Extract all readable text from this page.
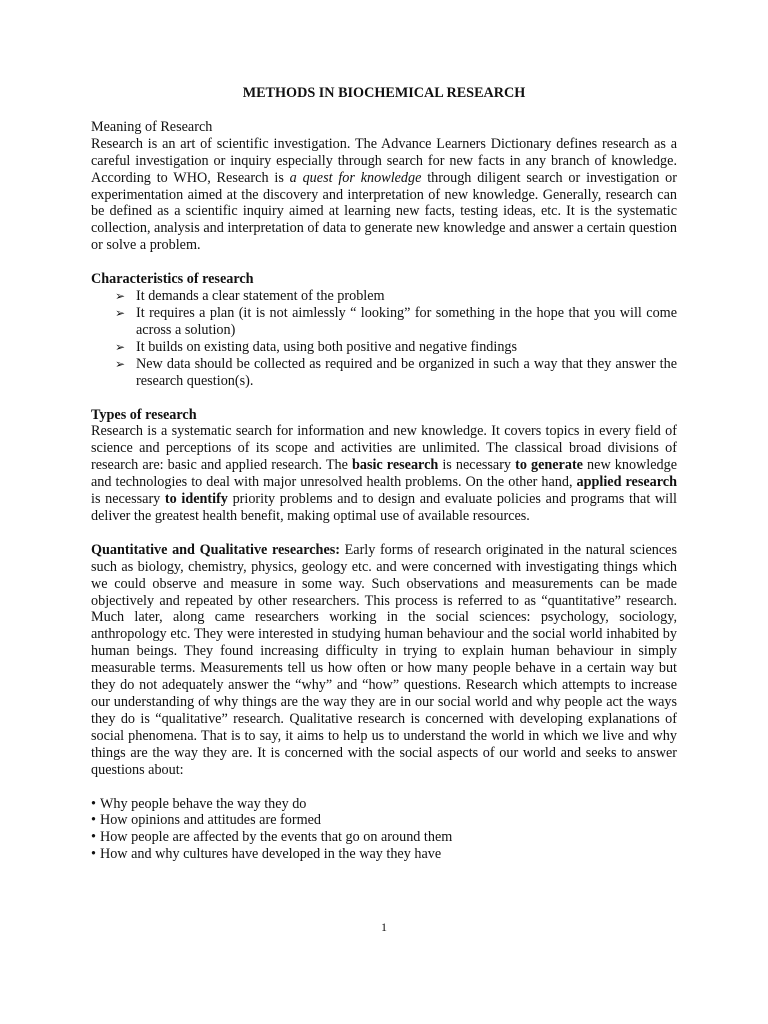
METHODS IN BIOCHEMICAL RESEARCH
Meaning of Research

Research is an art of scientific investigation. The Advance Learners Dictionary defines research as a careful investigation or inquiry especially through search for new facts in any branch of knowledge. According to WHO, Research is a quest for knowledge through diligent search or investigation or experimentation aimed at the discovery and interpretation of new knowledge. Generally, research can be defined as a scientific inquiry aimed at learning new facts, testing ideas, etc. It is the systematic collection, analysis and interpretation of data to generate new knowledge and answer a certain question or solve a problem.

Characteristics of research
➢ It demands a clear statement of the problem
➢ It requires a plan (it is not aimlessly “ looking” for something in the hope that you will come across a solution)
➢ It builds on existing data, using both positive and negative findings
➢ New data should be collected as required and be organized in such a way that they answer the research question(s).
Types of research

Research is a systematic search for information and new knowledge. It covers topics in every field of science and perceptions of its scope and activities are unlimited. The classical broad divisions of research are: basic and applied research. The basic research is necessary to generate new knowledge and technologies to deal with major unresolved health problems. On the other hand, applied research is necessary to identify priority problems and to design and evaluate policies and programs that will deliver the greatest health benefit, making optimal use of available resources.

Quantitative and Qualitative researches: Early forms of research originated in the natural sciences such as biology, chemistry, physics, geology etc. and were concerned with investigating things which we could observe and measure in some way. Such observations and measurements can be made objectively and repeated by other researchers. This process is referred to as “quantitative” research. Much later, along came researchers working in the social sciences: psychology, sociology, anthropology etc. They were interested in studying human behaviour and the social world inhabited by human beings. They found increasing difficulty in trying to explain human behaviour in simply measurable terms. Measurements tell us how often or how many people behave in a certain way but they do not adequately answer the “why” and “how” questions. Research which attempts to increase our understanding of why things are the way they are in our social world and why people act the ways they do is “qualitative” research. Qualitative research is concerned with developing explanations of social phenomena. That is to say, it aims to help us to understand the world in which we live and why things are the way they are. It is concerned with the social aspects of our world and seeks to answer questions about:

• Why people behave the way they do
• How opinions and attitudes are formed
• How people are affected by the events that go on around them
• How and why cultures have developed in the way they have
1
